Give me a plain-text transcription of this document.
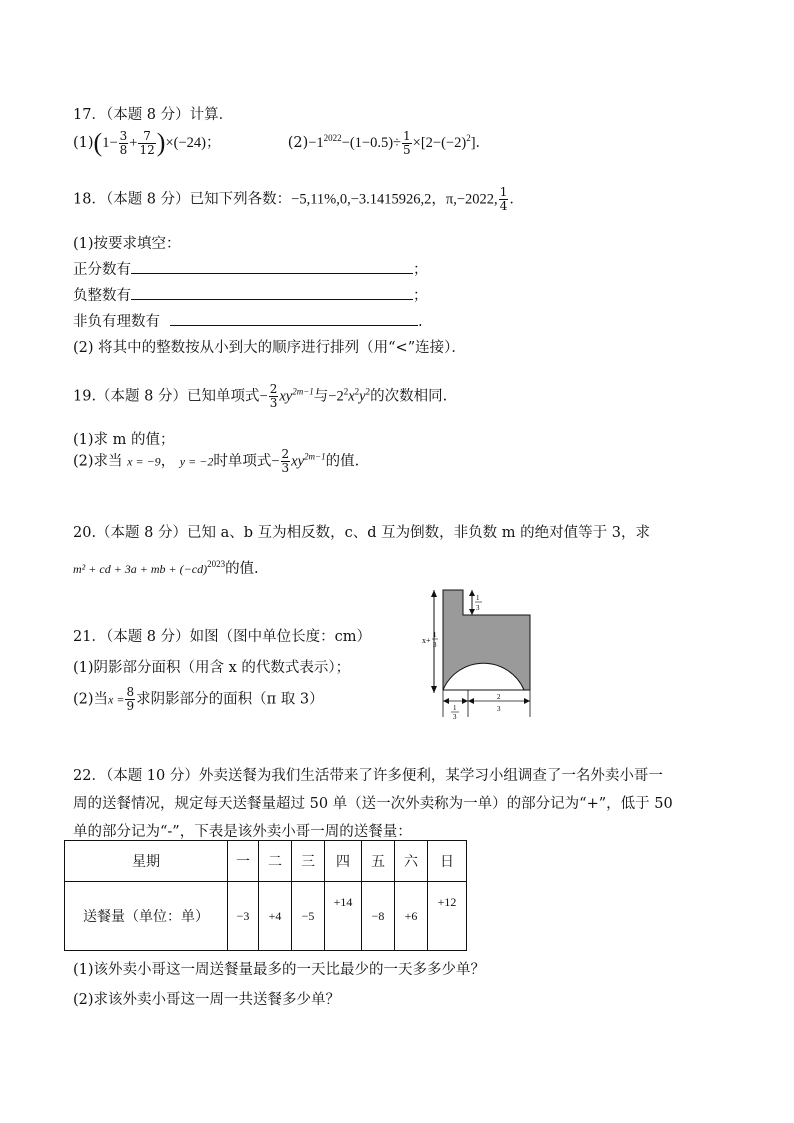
17．（本题 8 分）计算．
$(1)(1- \frac{3}{8} + \frac{7}{12} )\times(-24)$；	$(2)-1^{2022}-(1-0.5)\div \frac{1}{5} \times[2-(-2)^2]$．
18．（本题 8 分）已知下列各数：−5,11%,0,−3.1415926,2，π,−2022, $\frac{1}{4}$ ．
(1)按要求填空：
正分数有	；
负整数有	；
非负有理数有	.
(2) 将其中的整数按从小到大的顺序进行排列（用“<”连接）．
19.（本题 8 分）已知单项式− $\frac{2}{3} xy^{2m-1}$与$-2^2x^2y^2$的次数相同.
(1)求 m 的值；
(2)求当 x = −9， y = −2时单项式− $\frac{2}{3} xy^{2m-1}$的值.
20.（本题 8 分）已知 a、b 互为相反数，c、d 互为倒数，非负数 m 的绝对值等于 3，求
m² + cd + 3a + mb + $(-cd)^{2023}$的值.
21．（本题 8 分）如图（图中单位长度：cm）
(1)阴影部分面积（用含 x 的代数式表示）；
(2)当$x = \frac{8}{9}$ 求阴影部分的面积（π 取 3）
x+
1
3
1
3
1
3
2
3
22．（本题 10 分）外卖送餐为我们生活带来了许多便利，某学习小组调查了一名外卖小哥一
周的送餐情况，规定每天送餐量超过 50 单（送一次外卖称为一单）的部分记为“+”，低于 50
单的部分记为“-”，下表是该外卖小哥一周的送餐量：
星期	一	二	三	四	五	六	日
送餐量（单位：单）	−3	+4	−5	+14	−8	+6	+12
(1)该外卖小哥这一周送餐量最多的一天比最少的一天多多少单？
(2)求该外卖小哥这一周一共送餐多少单？
